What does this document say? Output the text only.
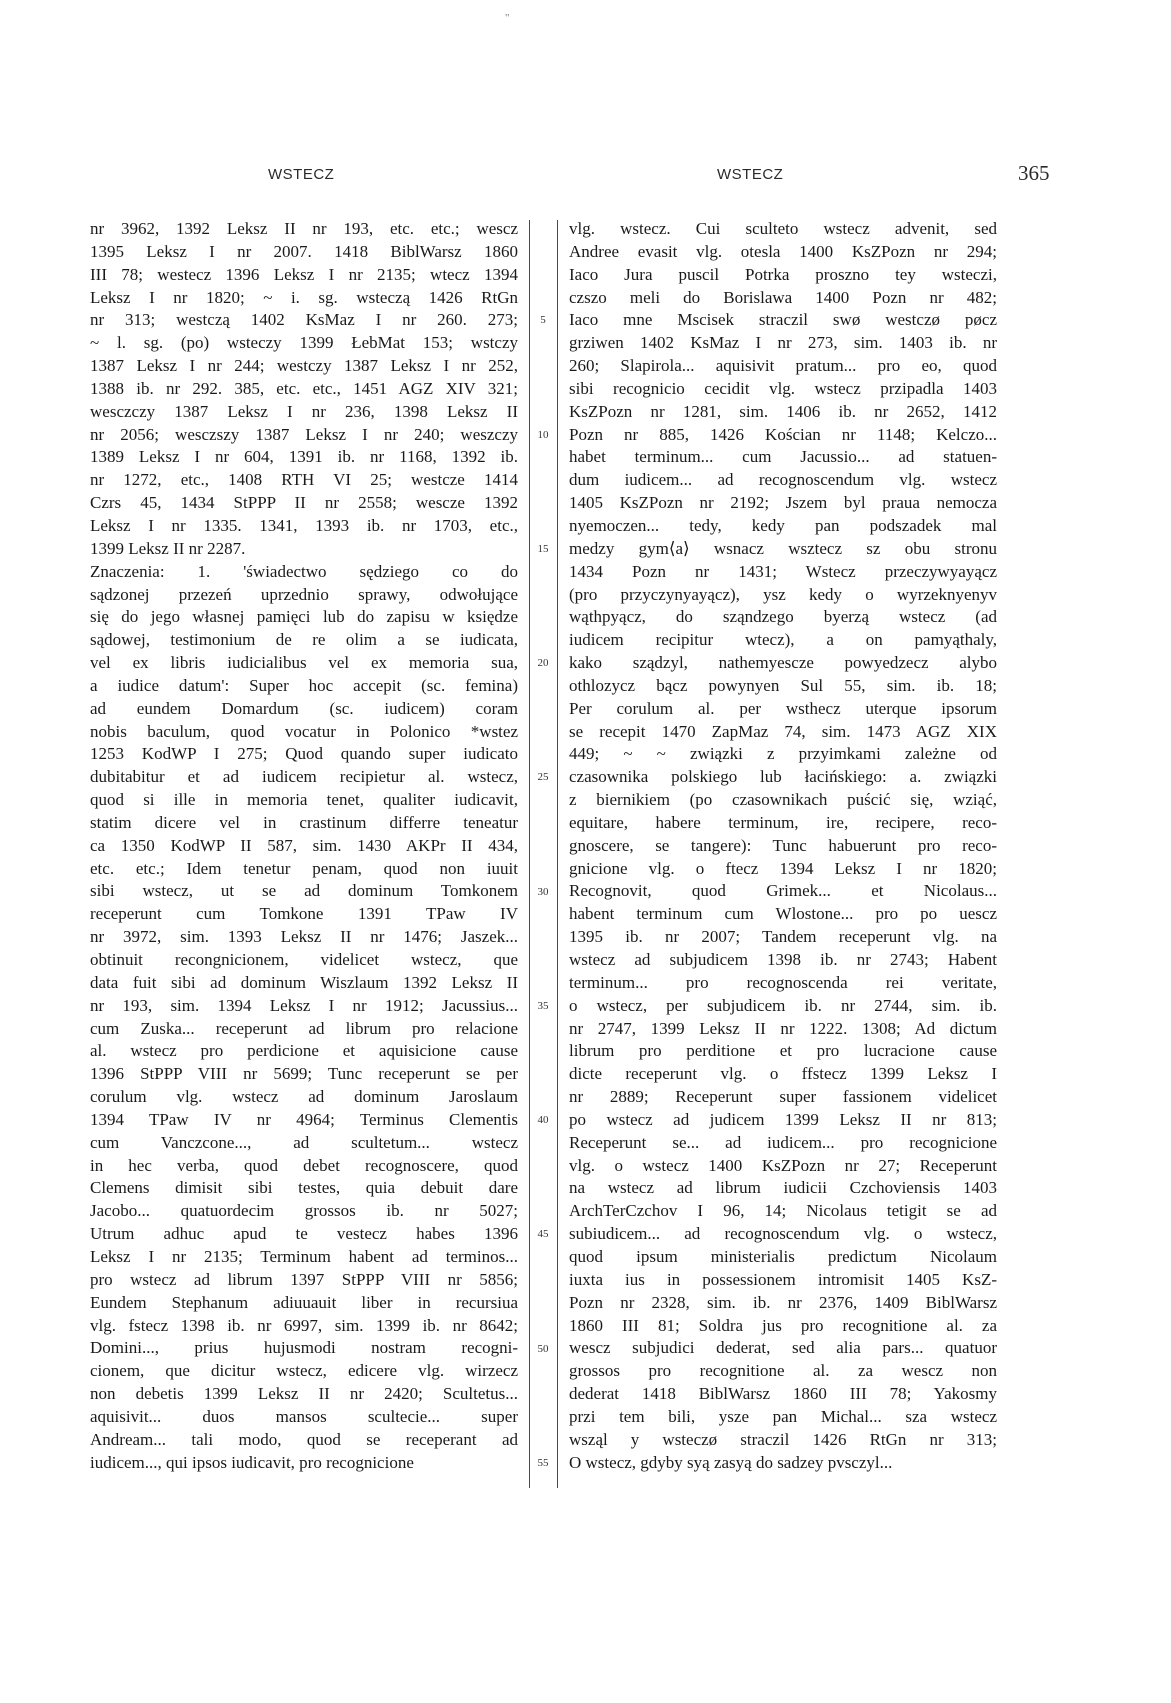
"
WSTECZ	WSTECZ	365
nr 3962, 1392 Leksz II nr 193, etc. etc.; wescz
1395 Leksz I nr 2007. 1418 BiblWarsz 1860
III 78; westecz 1396 Leksz I nr 2135; wtecz 1394
Leksz I nr 1820; ~ i. sg. wsteczą 1426 RtGn
nr 313; westczą 1402 KsMaz I nr 260. 273;
~ l. sg. (po) wsteczy 1399 ŁebMat 153; wstczy
1387 Leksz I nr 244; westczy 1387 Leksz I nr 252,
1388 ib. nr 292. 385, etc. etc., 1451 AGZ XIV 321;
wesczczy 1387 Leksz I nr 236, 1398 Leksz II
nr 2056; wesczszy 1387 Leksz I nr 240; weszczy
1389 Leksz I nr 604, 1391 ib. nr 1168, 1392 ib.
nr 1272, etc., 1408 RTH VI 25; westcze 1414
Czrs 45, 1434 StPPP II nr 2558; wescze 1392
Leksz I nr 1335. 1341, 1393 ib. nr 1703, etc.,
1399 Leksz II nr 2287.
Znaczenia: 1. 'świadectwo sędziego co do
sądzonej przezeń uprzednio sprawy, odwołujące
się do jego własnej pamięci lub do zapisu w księdze
sądowej, testimonium de re olim a se iudicata,
vel ex libris iudicialibus vel ex memoria sua,
a iudice datum': Super hoc accepit (sc. femina)
ad eundem Domardum (sc. iudicem) coram
nobis baculum, quod vocatur in Polonico *wstez
1253 KodWP I 275; Quod quando super iudicato
dubitabitur et ad iudicem recipietur al. wstecz,
quod si ille in memoria tenet, qualiter iudicavit,
statim dicere vel in crastinum differre teneatur
ca 1350 KodWP II 587, sim. 1430 AKPr II 434,
etc. etc.; Idem tenetur penam, quod non iuuit
sibi wstecz, ut se ad dominum Tomkonem
receperunt cum Tomkone 1391 TPaw IV
nr 3972, sim. 1393 Leksz II nr 1476; Jaszek...
obtinuit recongnicionem, videlicet wstecz, que
data fuit sibi ad dominum Wiszlaum 1392 Leksz II
nr 193, sim. 1394 Leksz I nr 1912; Jacussius...
cum Zuska... receperunt ad librum pro relacione
al. wstecz pro perdicione et aquisicione cause
1396 StPPP VIII nr 5699; Tunc receperunt se per
corulum vlg. wstecz ad dominum Jaroslaum
1394 TPaw IV nr 4964; Terminus Clementis
cum Vanczcone..., ad scultetum... wstecz
in hec verba, quod debet recognoscere, quod
Clemens dimisit sibi testes, quia debuit dare
Jacobo... quatuordecim grossos ib. nr 5027;
Utrum adhuc apud te vestecz habes 1396
Leksz I nr 2135; Terminum habent ad terminos...
pro wstecz ad librum 1397 StPPP VIII nr 5856;
Eundem Stephanum adiuuauit liber in recursiua
vlg. fstecz 1398 ib. nr 6997, sim. 1399 ib. nr 8642;
Domini..., prius hujusmodi nostram recogni-
cionem, que dicitur wstecz, edicere vlg. wirzecz
non debetis 1399 Leksz II nr 2420; Scultetus...
aquisivit... duos mansos scultecie... super
Andream... tali modo, quod se receperant ad
iudicem..., qui ipsos iudicavit, pro recognicione
vlg. wstecz. Cui sculteto wstecz advenit, sed
Andree evasit vlg. otesla 1400 KsZPozn nr 294;
Iaco Jura puscil Potrka proszno tey wsteczi,
czszo meli do Borislawa 1400 Pozn nr 482;
Iaco mne Mscisek straczil swø westczø pøcz
grziwen 1402 KsMaz I nr 273, sim. 1403 ib. nr
260; Slapirola... aquisivit pratum... pro eo, quod
sibi recognicio cecidit vlg. wstecz przipadla 1403
KsZPozn nr 1281, sim. 1406 ib. nr 2652, 1412
Pozn nr 885, 1426 Kościan nr 1148; Kelczo...
habet terminum... cum Jacussio... ad statuen-
dum iudicem... ad recognoscendum vlg. wstecz
1405 KsZPozn nr 2192; Jszem byl praua nemocza
nyemoczen... tedy, kedy pan podszadek mal
medzy gym⟨a⟩ wsnacz wsztecz sz obu stronu
1434 Pozn nr 1431; Wstecz przeczywyayącz
(pro przyczynyayącz), ysz kedy o wyrzeknyenyv
wąthpyącz, do sząndzego byerzą wstecz (ad
iudicem recipitur wtecz), a on pamyąthaly,
kako sządzyl, nathemyescze powyedzecz alybo
othlozycz bącz powynyen Sul 55, sim. ib. 18;
Per corulum al. per wsthecz uterque ipsorum
se recepit 1470 ZapMaz 74, sim. 1473 AGZ XIX
449; ~ ~ związki z przyimkami zależne od
czasownika polskiego lub łacińskiego: a. związki
z biernikiem (po czasownikach puścić się, wziąć,
equitare, habere terminum, ire, recipere, reco-
gnoscere, se tangere): Tunc habuerunt pro reco-
gnicione vlg. o ftecz 1394 Leksz I nr 1820;
Recognovit, quod Grimek... et Nicolaus...
habent terminum cum Wlostone... pro po uescz
1395 ib. nr 2007; Tandem receperunt vlg. na
wstecz ad subjudicem 1398 ib. nr 2743; Habent
terminum... pro recognoscenda rei veritate,
o wstecz, per subjudicem ib. nr 2744, sim. ib.
nr 2747, 1399 Leksz II nr 1222. 1308; Ad dictum
librum pro perditione et pro lucracione cause
dicte receperunt vlg. o ffstecz 1399 Leksz I
nr 2889; Receperunt super fassionem videlicet
po wstecz ad judicem 1399 Leksz II nr 813;
Receperunt se... ad iudicem... pro recognicione
vlg. o wstecz 1400 KsZPozn nr 27; Receperunt
na wstecz ad librum iudicii Czchoviensis 1403
ArchTerCzchov I 96, 14; Nicolaus tetigit se ad
subiudicem... ad recognoscendum vlg. o wstecz,
quod ipsum ministerialis predictum Nicolaum
iuxta ius in possessionem intromisit 1405 KsZ-
Pozn nr 2328, sim. ib. nr 2376, 1409 BiblWarsz
1860 III 81; Soldra jus pro recognitione al. za
wescz subjudici dederat, sed alia pars... quatuor
grossos pro recognitione al. za wescz non
dederat 1418 BiblWarsz 1860 III 78; Yakosmy
przi tem bili, ysze pan Michal... sza wstecz
wsząl y wsteczø straczil 1426 RtGn nr 313;
O wstecz, gdyby syą zasyą do sadzey pvsczyl...
5
10
15
20
25
30
35
40
45
50
55
